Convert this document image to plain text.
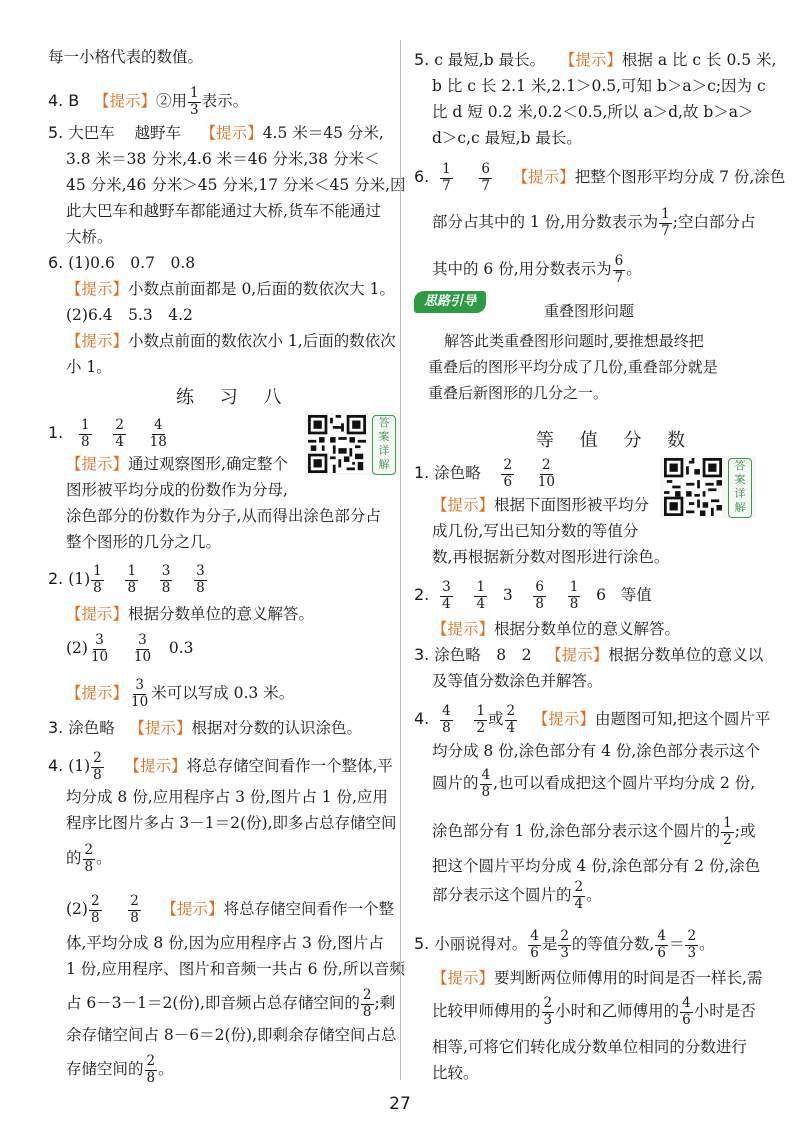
每一小格代表的数值。
4. B 【提示】②用 $\frac{1}{3}$ 表示。
5. 大巴车 越野车 【提示】4.5 米＝45 分米,
3.8 米＝38 分米,4.6 米＝46 分米,38 分米＜
45 分米,46 分米＞45 分米,17 分米＜45 分米,因
此大巴车和越野车都能通过大桥,货车不能通过
大桥。
6. (1)0.6　0.7　0.8
【提示】小数点前面都是 0,后面的数依次大 1。
(2)6.4　5.3　4.2
【提示】小数点前面的数依次小 1,后面的数依次
小 1。
练 习 八
1. $\frac{1}{8}$
$\frac{2}{4}$
$\frac{4}{18}$	答
案
详
解
【提示】通过观察图形,确定整个
图形被平均分成的份数作为分母,
涂色部分的份数作为分子,从而得出涂色部分占
整个图形的几分之几。
2. $(1) \frac{1}{8}$
$\frac{1}{8}$
$\frac{3}{8}$
$\frac{3}{8}$
【提示】根据分数单位的意义解答。
$(2) \frac{3}{10}$
$\frac{3}{10} 0.3$
【提示】 $\frac{3}{10}$ 米可以写成 0.3 米。
3. 涂色略 【提示】根据对分数的认识涂色。
4. $(1) \frac{2}{8}$ 【提示】将总存储空间看作一个整体,平
均分成 8 份,应用程序占 3 份,图片占 1 份,应用
程序比图片多占 3－1＝2(份),即多占总存储空间
的 $\frac{2}{8}$ 。
$(2) \frac{2}{8}$
$\frac{2}{8}$ 【提示】将总存储空间看作一个整
体,平均分成 8 份,因为应用程序占 3 份,图片占
1 份,应用程序、图片和音频一共占 6 份,所以音频
占 6－3－1＝2(份),即音频占总存储空间的 $\frac{2}{8}$ ;剩
余存储空间占 8－6＝2(份),即剩余存储空间占总
存储空间的 $\frac{2}{8}$ 。
5. c 最短,b 最长。 【提示】根据 a 比 c 长 0.5 米,
b 比 c 长 2.1 米,2.1＞0.5,可知 b＞a＞c;因为 c
比 d 短 0.2 米,0.2＜0.5,所以 a＞d,故 b＞a＞
d＞c,c 最短,b 最长。
6. $\frac{1}{7}$
$\frac{6}{7}$ 【提示】把整个图形平均分成 7 份,涂色
部分占其中的 1 份,用分数表示为 $\frac{1}{7}$ ;空白部分占
其中的 6 份,用分数表示为 $\frac{6}{7}$ 。
思路引导
重叠图形问题
解答此类重叠图形问题时,要推想最终把
重叠后的图形平均分成了几份,重叠部分就是
重叠后新图形的几分之一。
等 值 分 数
1. 涂色略 $\frac{2}{6}$
$\frac{2}{10}$	答
案
详
解
【提示】根据下面图形被平均分
成几份,写出已知分数的等值分
数,再根据新分数对图形进行涂色。
2. $\frac{3}{4}$
$\frac{1}{4} 3 \frac{6}{8}$
$\frac{1}{8} 6$ 等值
【提示】根据分数单位的意义解答。
3. 涂色略　8　2 【提示】根据分数单位的意义以
及等值分数涂色并解答。
4. $\frac{4}{8}$
$\frac{1}{2}$ 或 $\frac{2}{4}$ 【提示】由题图可知,把这个圆片平
均分成 8 份,涂色部分有 4 份,涂色部分表示这个
圆片的 $\frac{4}{8}$ ,也可以看成把这个圆片平均分成 2 份,
涂色部分有 1 份,涂色部分表示这个圆片的 $\frac{1}{2}$ ;或
把这个圆片平均分成 4 份,涂色部分有 2 份,涂色
部分表示这个圆片的 $\frac{2}{4}$ 。
5. 小丽说得对。 $\frac{4}{6}$ 是 $\frac{2}{3}$ 的等值分数, $\frac{4}{6} = \frac{2}{3}$ 。
【提示】要判断两位师傅用的时间是否一样长,需
比较甲师傅用的 $\frac{2}{3}$ 小时和乙师傅用的 $\frac{4}{6}$ 小时是否
相等,可将它们转化成分数单位相同的分数进行
比较。
27
